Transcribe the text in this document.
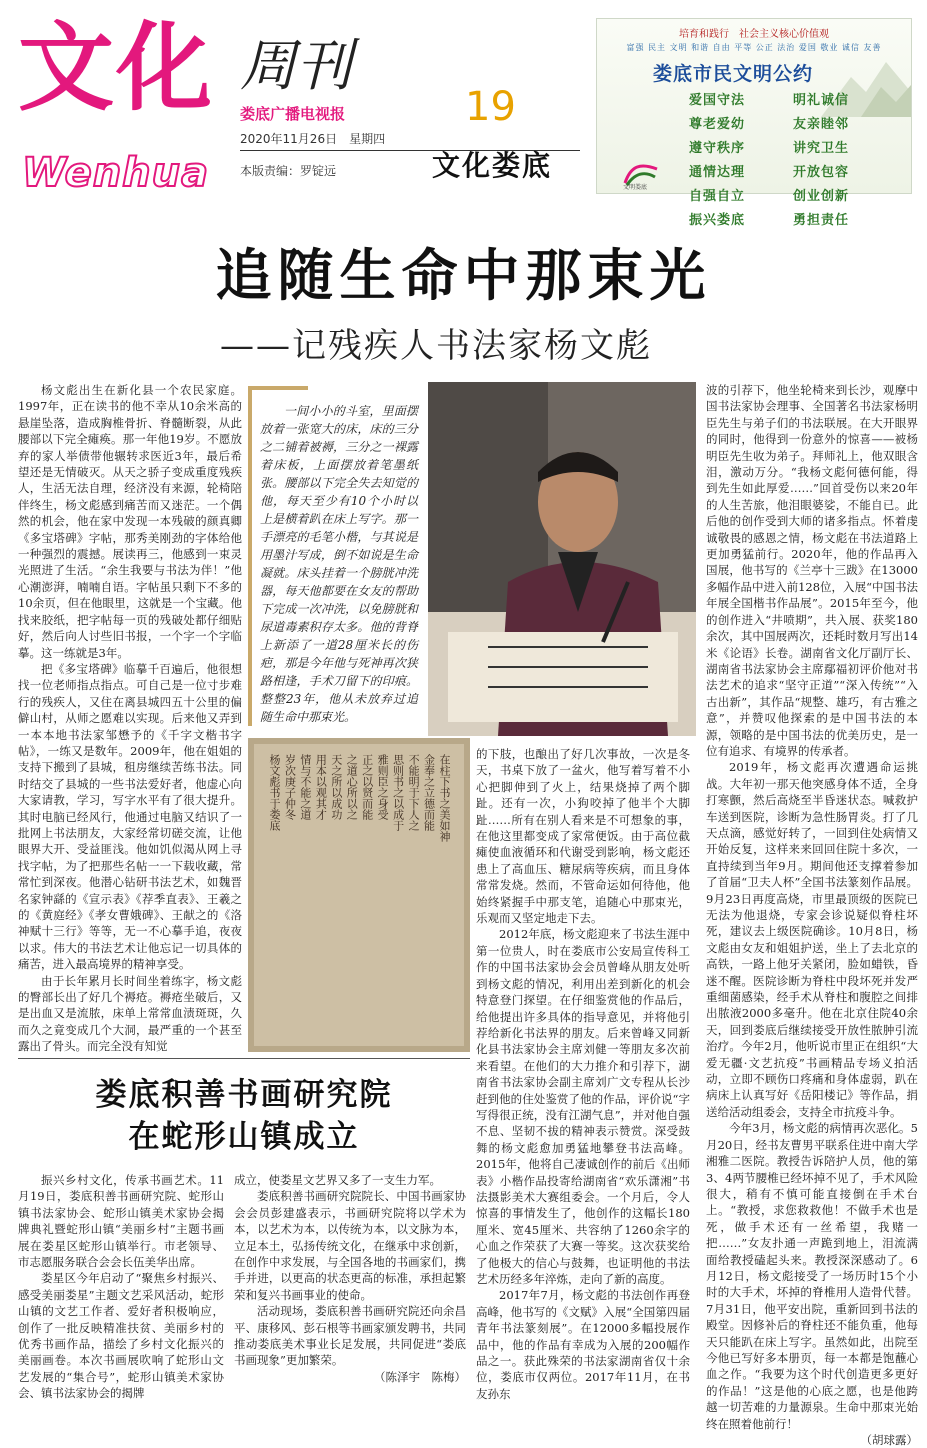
文化
Wenhua
周刊
娄底广播电视报
2020年11月26日　星期四
本版责编：罗锭远
19
文化娄底
培育和践行　社会主义核心价值观
富强 民主 文明 和谐 自由 平等 公正 法治 爱国 敬业 诚信 友善
娄底市民文明公约
爱国守法	明礼诚信
尊老爱幼	友亲睦邻
遵守秩序	讲究卫生
通情达理	开放包容
自强自立	创业创新
振兴娄底	勇担责任
文明娄底
追随生命中那束光
——记残疾人书法家杨文彪

杨文彪出生在新化县一个农民家庭。1997年，正在读书的他不幸从10余米高的悬崖坠落，造成胸椎骨折、脊髓断裂，从此腰部以下完全瘫痪。那一年他19岁。不愿放弃的家人举债带他辗转求医近3年，最后希望还是无情破灭。从天之骄子变成重度残疾人，生活无法自理，经济没有来源，轮椅陪伴终生，杨文彪感到痛苦而又迷茫。一个偶然的机会，他在家中发现一本残破的颜真卿《多宝塔碑》字帖，那秀美刚劲的字体给他一种强烈的震撼。展读再三，他感到一束灵光照进了生活。“余生我要与书法为伴！”他心潮澎湃，喃喃自语。字帖虽只剩下不多的10余页，但在他眼里，这就是一个宝藏。他找来胶纸，把字帖每一页的残破处都仔细贴好，然后向人讨些旧书报，一个字一个字临摹。这一练就是3年。

把《多宝塔碑》临摹千百遍后，他很想找一位老师指点指点。可自己是一位寸步难行的残疾人，又住在离县城四五十公里的偏僻山村，从师之愿难以实现。后来他又弄到一本本地书法家邹懋予的《千字文楷书字帖》，一练又是数年。2009年，他在姐姐的支持下搬到了县城，租房继续苦练书法。同时结交了县城的一些书法爱好者，他虚心向大家请教，学习，写字水平有了很大提升。其时电脑已经风行，他通过电脑又结识了一批网上书法朋友，大家经常切磋交流，让他眼界大开、受益匪浅。他如饥似渴从网上寻找字帖，为了把那些名帖一一下载收藏，常常忙到深夜。他潜心钻研书法艺术，如魏晋名家钟繇的《宣示表》《荐季直表》、王羲之的《黄庭经》《孝女曹娥碑》、王献之的《洛神赋十三行》等等，无一不心摹手追，夜夜以求。伟大的书法艺术让他忘记一切具体的痛苦，进入最高境界的精神享受。

由于长年累月长时间坐着练字，杨文彪的臀部长出了好几个褥疮。褥疮坐破后，又是出血又是流脓，床单上常常血渍斑斑，久而久之竟变成几个大洞，最严重的一个甚至露出了骨头。而完全没有知觉

一间小小的斗室，里面摆放着一张宽大的床，床的三分之二铺着被褥，三分之一裸露着床板，上面摆放着笔墨纸张。腰部以下完全失去知觉的他，每天至少有10个小时以上是横着趴在床上写字。那一手漂亮的毛笔小楷，与其说是用墨汁写成，倒不如说是生命凝就。床头挂着一个膀胱冲洗器，每天他都要在女友的帮助下完成一次冲洗，以免膀胱和尿道毒素积存太多。他的背脊上新添了一道28厘米长的伤疤，那是今年他与死神再次狭路相逢，手术刀留下的印痕。整整23年，他从未放弃过追随生命中那束光。
在柱下书之美如神
金奉之立德而能
不能明于下人之
思则书之以成于
雅则臣之身受
正之以贤而能
之道心所以之
天之所以成功
用本以观其才
情与不能之道
岁次庚子仲冬
杨文彪书于娄底	的下肢，也酿出了好几次事故，一次是冬天，书桌下放了一盆火，他写着写着不小心把脚伸到了火上，结果烧掉了两个脚趾。还有一次，小狗咬掉了他半个大脚趾……所有在别人看来是不可想象的事，在他这里都变成了家常便饭。由于高位截瘫使血液循环和代谢受到影响，杨文彪还患上了高血压、糖尿病等疾病，而且身体常常发烧。然而，不管命运如何待他，他始终紧握手中那支笔，追随心中那束光，乐观而又坚定地走下去。

2012年底，杨文彪迎来了书法生涯中第一位贵人，时在娄底市公安局宣传科工作的中国书法家协会会员曾峰从朋友处听到杨文彪的情况，利用出差到新化的机会特意登门探望。在仔细鉴赏他的作品后，给他提出许多具体的指导意见，并将他引荐给新化书法界的朋友。后来曾峰又同新化县书法家协会主席刘健一等朋友多次前来看望。在他们的大力推介和引荐下，湖南省书法家协会副主席刘广文专程从长沙赶到他的住处鉴赏了他的作品，评价说“字写得很正统，没有江湖气息”，并对他自强不息、坚韧不拔的精神表示赞赏。深受鼓舞的杨文彪愈加勇猛地攀登书法高峰。2015年，他将自己凄诚创作的前后《出师表》小楷作品投寄给湖南省“欢乐潇湘”书法摄影美术大赛组委会。一个月后，令人惊喜的事情发生了，他创作的这幅长180厘米、宽45厘米、共容纳了1260余字的心血之作荣获了大赛一等奖。这次获奖给了他极大的信心与鼓舞，也证明他的书法艺术历经多年淬炼，走向了新的高度。

2017年7月，杨文彪的书法创作再登高峰，他书写的《文赋》入展“全国第四届青年书法篆刻展”。在12000多幅投展作品中，他的作品有幸成为入展的200幅作品之一。获此殊荣的书法家湖南省仅十余位，娄底市仅两位。2017年11月，在书友孙东

波的引荐下，他坐轮椅来到长沙，观摩中国书法家协会理事、全国著名书法家杨明臣先生与弟子们的书法联展。在大开眼界的同时，他得到一份意外的惊喜——被杨明臣先生收为弟子。拜师礼上，他双眼含泪，激动万分。“我杨文彪何德何能，得到先生如此厚爱……”回首受伤以来20年的人生苦旅，他泪眼婆娑，不能自已。此后他的创作受到大师的诸多指点。怀着虔诚敬畏的感恩之情，杨文彪在书法道路上更加勇猛前行。2020年，他的作品再入国展，他书写的《兰亭十三跋》在13000多幅作品中进入前128位，入展“中国书法年展全国楷书作品展”。2015年至今，他的创作进入“井喷期”，共入展、获奖180余次，其中国展两次，还耗时数月写出14米《论语》长卷。湖南省文化厅副厅长、湖南省书法家协会主席鄢福初评价他对书法艺术的追求“坚守正道”“深入传统”“入古出新”，其作品“规整、雄巧，有古雅之意”，并赞叹他探索的是中国书法的本源，领略的是中国书法的优美历史，是一位有追求、有境界的传承者。

2019年，杨文彪再次遭遇命运挑战。大年初一那天他突感身体不适，全身打寒颤，然后高烧至半昏迷状态。喊救护车送到医院，诊断为急性肠胃炎。打了几天点滴，感觉好转了，一回到住处病情又开始反复，这样来来回回住院十多次，一直持续到当年9月。期间他还支撑着参加了首届“卫夫人杯”全国书法篆刻作品展。9月23日再度高烧，市里最顶级的医院已无法为他退烧，专家会诊说疑似脊柱坏死，建议去上级医院确诊。10月8日，杨文彪由女友和姐姐护送，坐上了去北京的高铁，一路上他牙关紧闭，脸如蜡铁，昏迷不醒。医院诊断为脊柱中段坏死并发严重细菌感染，经手术从脊柱和腹腔之间排出脓液2000多毫升。他在北京住院40余天，回到娄底后继续接受开放性脓肿引流治疗。今年2月，他听说市里正在组织“大爱无疆·文艺抗疫”书画精品专场义拍活动，立即不顾伤口疼痛和身体虚弱，趴在病床上认真写好《岳阳楼记》等作品，捐送给活动组委会，支持全市抗疫斗争。

今年3月，杨文彪的病情再次恶化。5月20日，经书友曹男平联系住进中南大学湘雅二医院。教授告诉陪护人员，他的第3、4两节腰椎已经坏掉不见了，手术风险很大，稍有不慎可能直接倒在手术台上。“教授，求您救救他！不做手术也是死，做手术还有一丝希望，我赌一把……”女友扑通一声跪到地上，泪流满面给教授磕起头来。教授深深感动了。6月12日，杨文彪接受了一场历时15个小时的大手术，坏掉的脊椎用人造骨代替。7月31日，他平安出院，重新回到书法的殿堂。因修补后的脊柱还不能负重，他每天只能趴在床上写字。虽然如此，出院至今他已写好多本册页，每一本都是饱蘸心血之作。“我要为这个时代创造更多更好的作品！”这是他的心底之愿，也是他跨越一切苦难的力量源泉。生命中那束光始终在照着他前行！

（胡球露）

娄底积善书画研究院
在蛇形山镇成立

振兴乡村文化，传承书画艺术。11月19日，娄底积善书画研究院、蛇形山镇书法家协会、蛇形山镇美术家协会揭牌典礼暨蛇形山镇“美丽乡村”主题书画展在娄星区蛇形山镇举行。市老领导、市志愿服务联合会会长伍美华出席。

娄星区今年启动了“聚焦乡村振兴、感受美丽娄星”主题文艺采风活动，蛇形山镇的文艺工作者、爱好者积极响应，创作了一批反映精准扶贫、美丽乡村的优秀书画作品，描绘了乡村文化振兴的美丽画卷。本次书画展吹响了蛇形山文艺发展的“集合号”，蛇形山镇美术家协会、镇书法家协会的揭牌

成立，使娄星文艺界又多了一支生力军。

娄底积善书画研究院院长、中国书画家协会会员彭建盛表示，书画研究院将以学术为本，以艺术为本，以传统为本，以文脉为本，立足本土，弘扬传统文化，在继承中求创新，在创作中求发展，与全国各地的书画家们，携手并进，以更高的状态更高的标准，承担起繁荣和复兴书画事业的使命。

活动现场，娄底积善书画研究院还向余昌平、康移风、彭石根等书画家颁发聘书，共同推动娄底美术事业长足发展，共同促进“娄底书画现象”更加繁荣。

（陈泽宇　陈梅）
